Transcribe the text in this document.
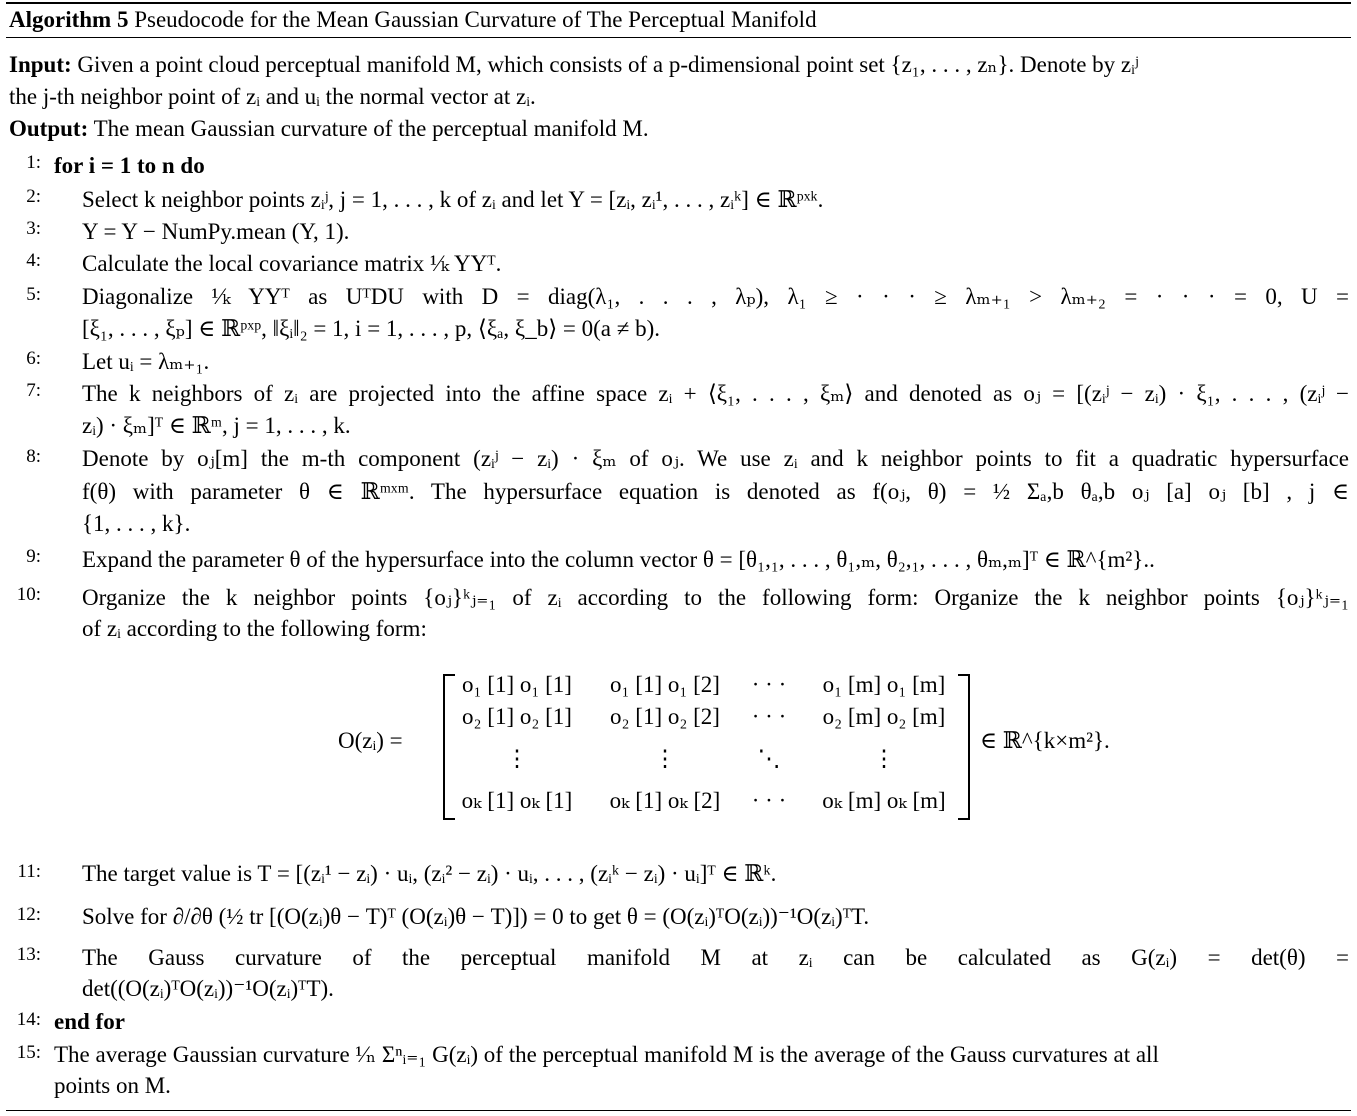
Algorithm 5 Pseudocode for the Mean Gaussian Curvature of The Perceptual Manifold
Input: Given a point cloud perceptual manifold M, which consists of a p-dimensional point set {z₁, . . . , zₙ}. Denote by zᵢʲ
the j-th neighbor point of zᵢ and uᵢ the normal vector at zᵢ.
Output: The mean Gaussian curvature of the perceptual manifold M.
1: for i = 1 to n do
2: Select k neighbor points zᵢʲ, j = 1, . . . , k of zᵢ and let Y = [zᵢ, zᵢ¹, . . . , zᵢᵏ] ∈ ℝᵖˣᵏ.
3: Y = Y − NumPy.mean (Y, 1).
4: Calculate the local covariance matrix ¹⁄ₖ YYᵀ.
5: Diagonalize ¹⁄ₖ YYᵀ as UᵀDU with D = diag(λ₁, . . . , λₚ), λ₁ ≥ · · · ≥ λₘ₊₁ > λₘ₊₂ = · · · = 0, U =
[ξ₁, . . . , ξₚ] ∈ ℝᵖˣᵖ, ‖ξᵢ‖₂ = 1, i = 1, . . . , p, ⟨ξₐ, ξ_b⟩ = 0(a ≠ b).
6: Let uᵢ = λₘ₊₁.
7: The k neighbors of zᵢ are projected into the affine space zᵢ + ⟨ξ₁, . . . , ξₘ⟩ and denoted as oⱼ = [(zᵢʲ − zᵢ) · ξ₁, . . . , (zᵢʲ −
zᵢ) · ξₘ]ᵀ ∈ ℝᵐ, j = 1, . . . , k.
8: Denote by oⱼ[m] the m-th component (zᵢʲ − zᵢ) · ξₘ of oⱼ. We use zᵢ and k neighbor points to fit a quadratic hypersurface
f(θ) with parameter θ ∈ ℝᵐˣᵐ. The hypersurface equation is denoted as f(oⱼ, θ) = ½ Σₐ,b θₐ,b oⱼ [a] oⱼ [b] , j ∈
{1, . . . , k}.
9: Expand the parameter θ of the hypersurface into the column vector θ = [θ₁,₁, . . . , θ₁,ₘ, θ₂,₁, . . . , θₘ,ₘ]ᵀ ∈ ℝ^{m²}..
10: Organize the k neighbor points {oⱼ}ᵏⱼ₌₁ of zᵢ according to the following form: Organize the k neighbor points {oⱼ}ᵏⱼ₌₁
of zᵢ according to the following form:
O(zᵢ) =
o₁ [1] o₁ [1]	o₁ [1] o₁ [2]	· · ·	o₁ [m] o₁ [m]
o₂ [1] o₂ [1]	o₂ [1] o₂ [2]	· · ·	o₂ [m] o₂ [m]
⋮	⋮	⋱	⋮
oₖ [1] oₖ [1]	oₖ [1] oₖ [2]	· · ·	oₖ [m] oₖ [m]
∈ ℝ^{k×m²}.
11: The target value is T = [(zᵢ¹ − zᵢ) · uᵢ, (zᵢ² − zᵢ) · uᵢ, . . . , (zᵢᵏ − zᵢ) · uᵢ]ᵀ ∈ ℝᵏ.
12: Solve for ∂/∂θ (½ tr [(O(zᵢ)θ − T)ᵀ (O(zᵢ)θ − T)]) = 0 to get θ = (O(zᵢ)ᵀO(zᵢ))⁻¹O(zᵢ)ᵀT.
13: The Gauss curvature of the perceptual manifold M at zᵢ can be calculated as G(zᵢ) = det(θ) =
det((O(zᵢ)ᵀO(zᵢ))⁻¹O(zᵢ)ᵀT).
14: end for
15: The average Gaussian curvature ¹⁄ₙ Σⁿᵢ₌₁ G(zᵢ) of the perceptual manifold M is the average of the Gauss curvatures at all
points on M.
